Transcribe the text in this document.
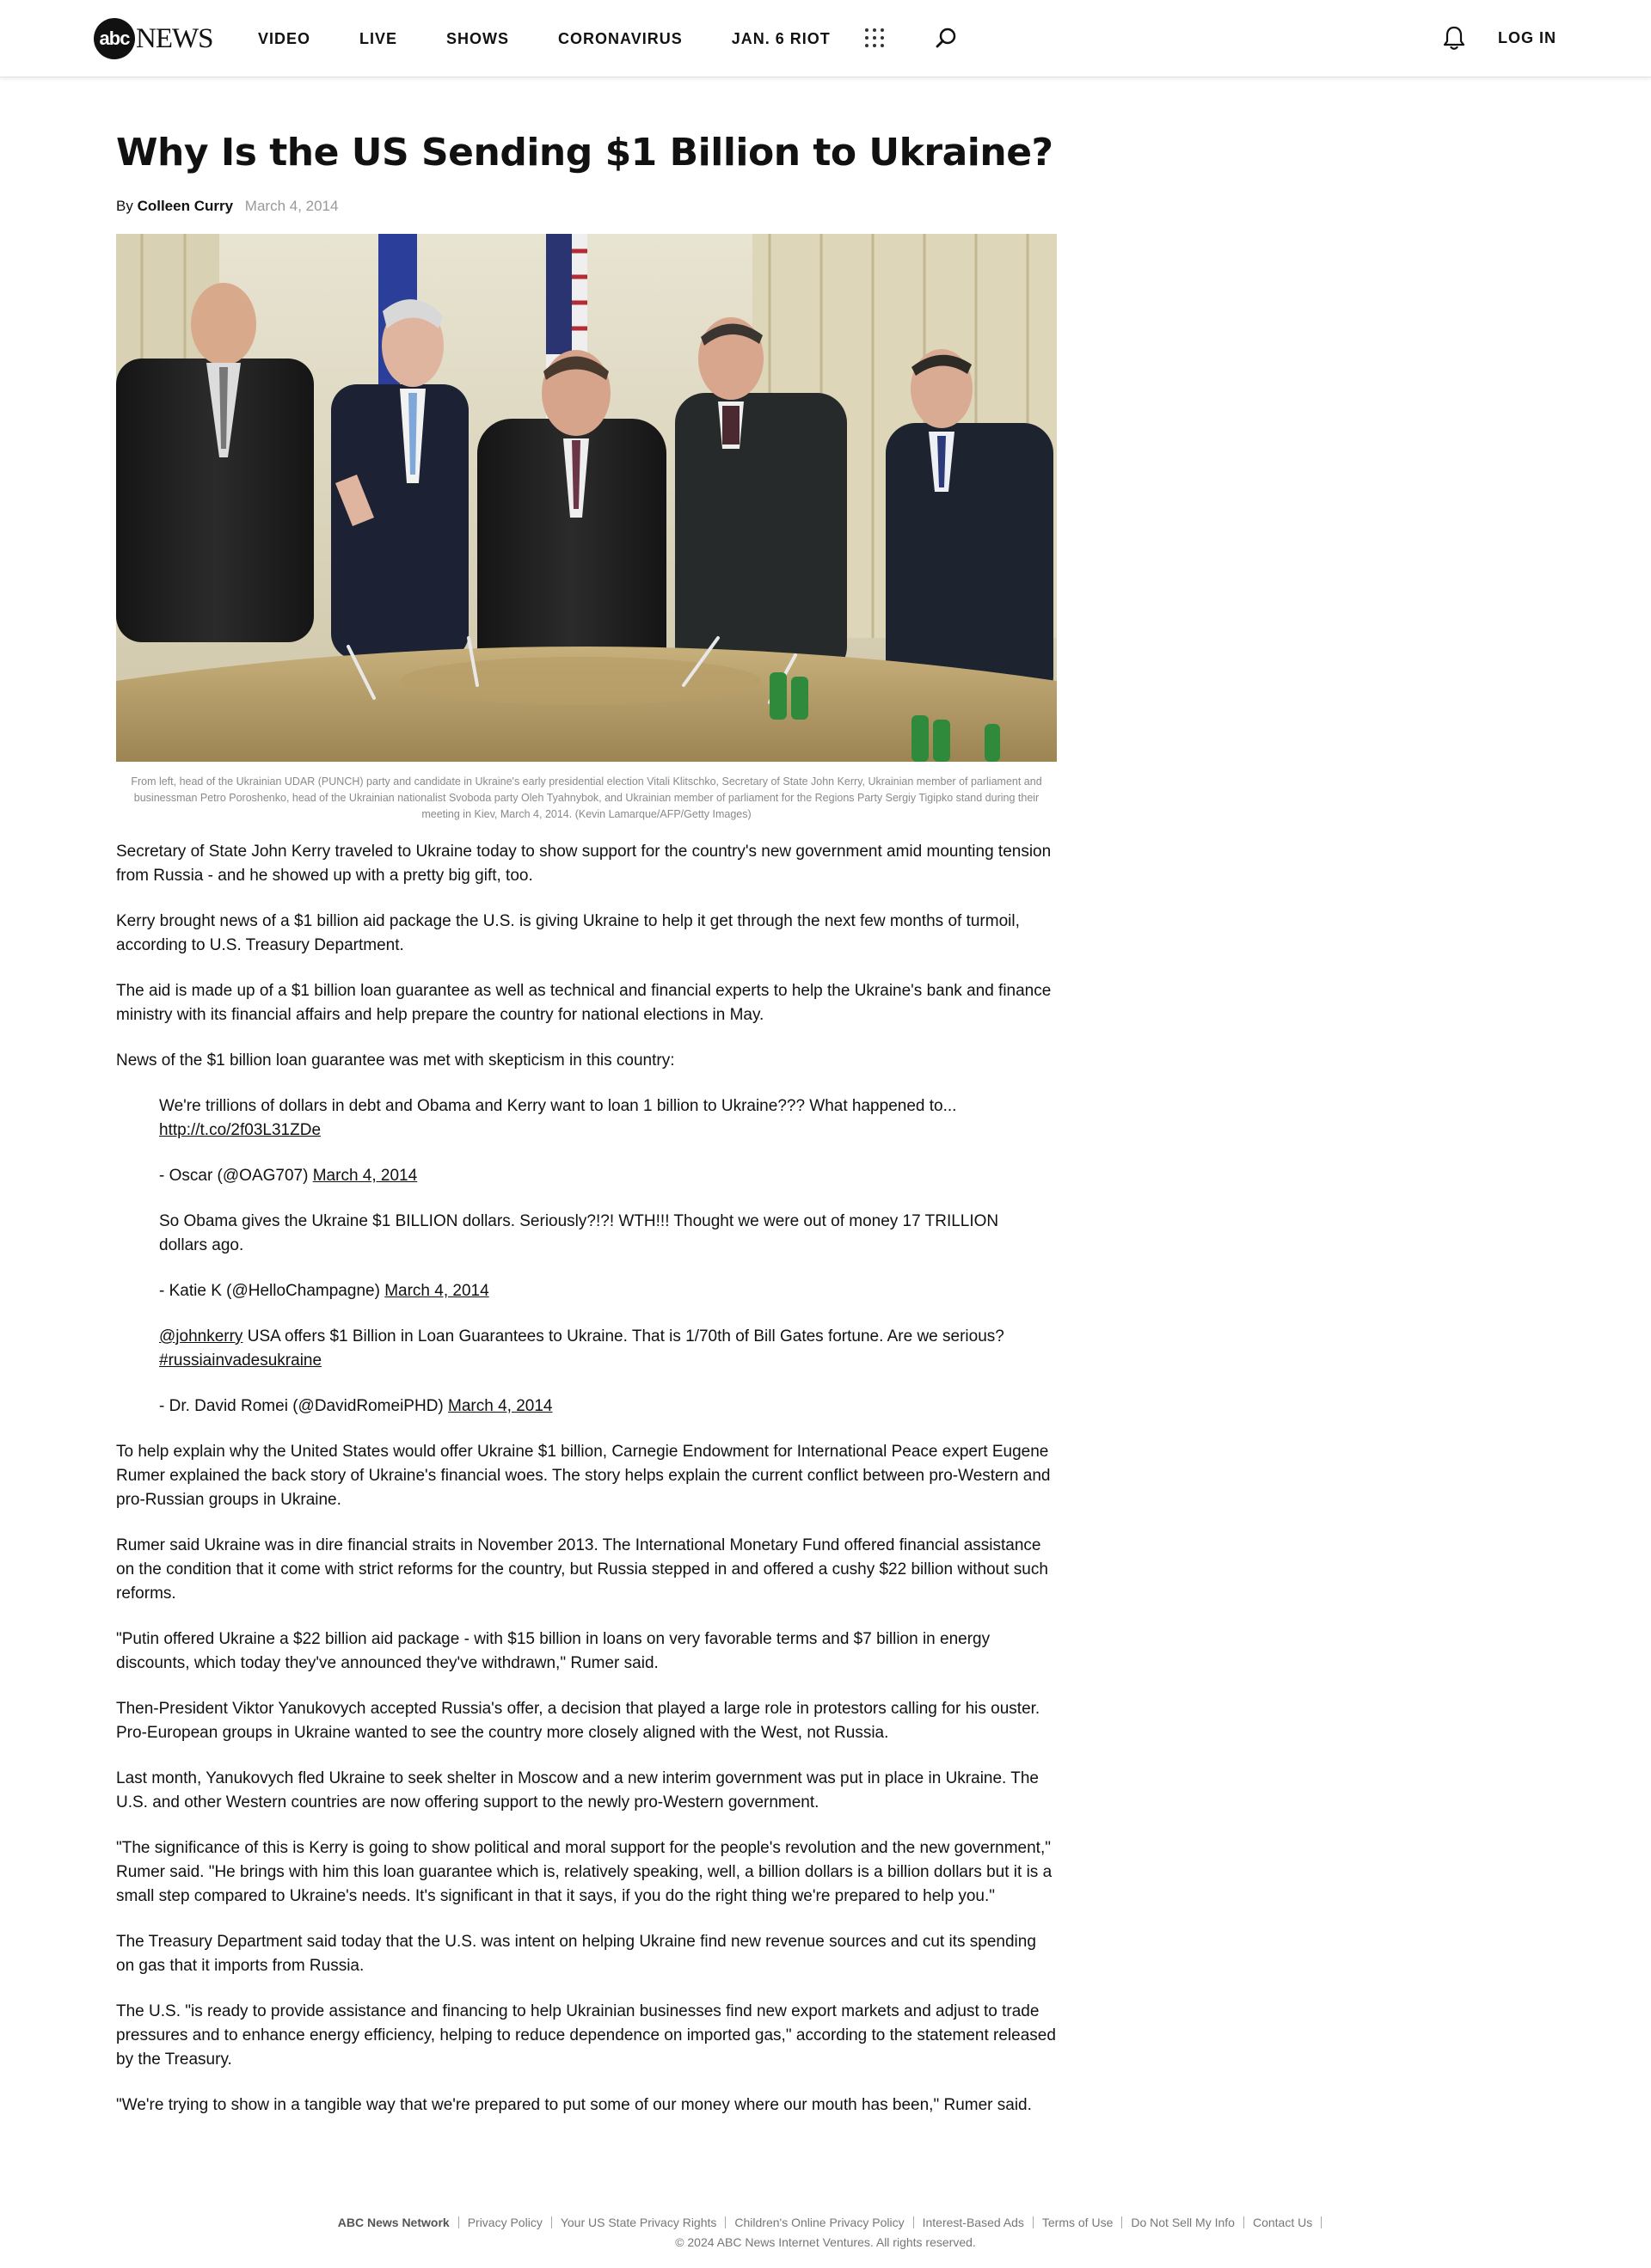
abc NEWS	VIDEO	LIVE	SHOWS	CORONAVIRUS	JAN. 6 RIOT	LOG IN
Why Is the US Sending $1 Billion to Ukraine?
By Colleen Curry March 4, 2014

From left, head of the Ukrainian UDAR (PUNCH) party and candidate in Ukraine's early presidential election Vitali Klitschko, Secretary of State John Kerry, Ukrainian member of parliament and businessman Petro Poroshenko, head of the Ukrainian nationalist Svoboda party Oleh Tyahnybok, and Ukrainian member of parliament for the Regions Party Sergiy Tigipko stand during their meeting in Kiev, March 4, 2014. (Kevin Lamarque/AFP/Getty Images)

Secretary of State John Kerry traveled to Ukraine today to show support for the country's new government amid mounting tension from Russia - and he showed up with a pretty big gift, too.

Kerry brought news of a $1 billion aid package the U.S. is giving Ukraine to help it get through the next few months of turmoil, according to U.S. Treasury Department.

The aid is made up of a $1 billion loan guarantee as well as technical and financial experts to help the Ukraine's bank and finance ministry with its financial affairs and help prepare the country for national elections in May.

News of the $1 billion loan guarantee was met with skepticism in this country:

We're trillions of dollars in debt and Obama and Kerry want to loan 1 billion to Ukraine??? What happened to...
http://t.co/2f03L31ZDe

- Oscar (@OAG707) March 4, 2014

So Obama gives the Ukraine $1 BILLION dollars. Seriously?!?! WTH!!! Thought we were out of money 17 TRILLION dollars ago.

- Katie K (@HelloChampagne) March 4, 2014

@johnkerry USA offers $1 Billion in Loan Guarantees to Ukraine. That is 1/70th of Bill Gates fortune. Are we serious? #russiainvadesukraine

- Dr. David Romei (@DavidRomeiPHD) March 4, 2014

To help explain why the United States would offer Ukraine $1 billion, Carnegie Endowment for International Peace expert Eugene Rumer explained the back story of Ukraine's financial woes. The story helps explain the current conflict between pro-Western and pro-Russian groups in Ukraine.

Rumer said Ukraine was in dire financial straits in November 2013. The International Monetary Fund offered financial assistance on the condition that it come with strict reforms for the country, but Russia stepped in and offered a cushy $22 billion without such reforms.

"Putin offered Ukraine a $22 billion aid package - with $15 billion in loans on very favorable terms and $7 billion in energy discounts, which today they've announced they've withdrawn," Rumer said.

Then-President Viktor Yanukovych accepted Russia's offer, a decision that played a large role in protestors calling for his ouster. Pro-European groups in Ukraine wanted to see the country more closely aligned with the West, not Russia.

Last month, Yanukovych fled Ukraine to seek shelter in Moscow and a new interim government was put in place in Ukraine. The U.S. and other Western countries are now offering support to the newly pro-Western government.

"The significance of this is Kerry is going to show political and moral support for the people's revolution and the new government," Rumer said. "He brings with him this loan guarantee which is, relatively speaking, well, a billion dollars is a billion dollars but it is a small step compared to Ukraine's needs. It's significant in that it says, if you do the right thing we're prepared to help you."

The Treasury Department said today that the U.S. was intent on helping Ukraine find new revenue sources and cut its spending on gas that it imports from Russia.

The U.S. "is ready to provide assistance and financing to help Ukrainian businesses find new export markets and adjust to trade pressures and to enhance energy efficiency, helping to reduce dependence on imported gas," according to the statement released by the Treasury.

"We're trying to show in a tangible way that we're prepared to put some of our money where our mouth has been," Rumer said.

ABC News Network	Privacy Policy	Your US State Privacy Rights	Children's Online Privacy Policy	Interest-Based Ads	Terms of Use	Do Not Sell My Info	Contact Us
© 2024 ABC News Internet Ventures. All rights reserved.
